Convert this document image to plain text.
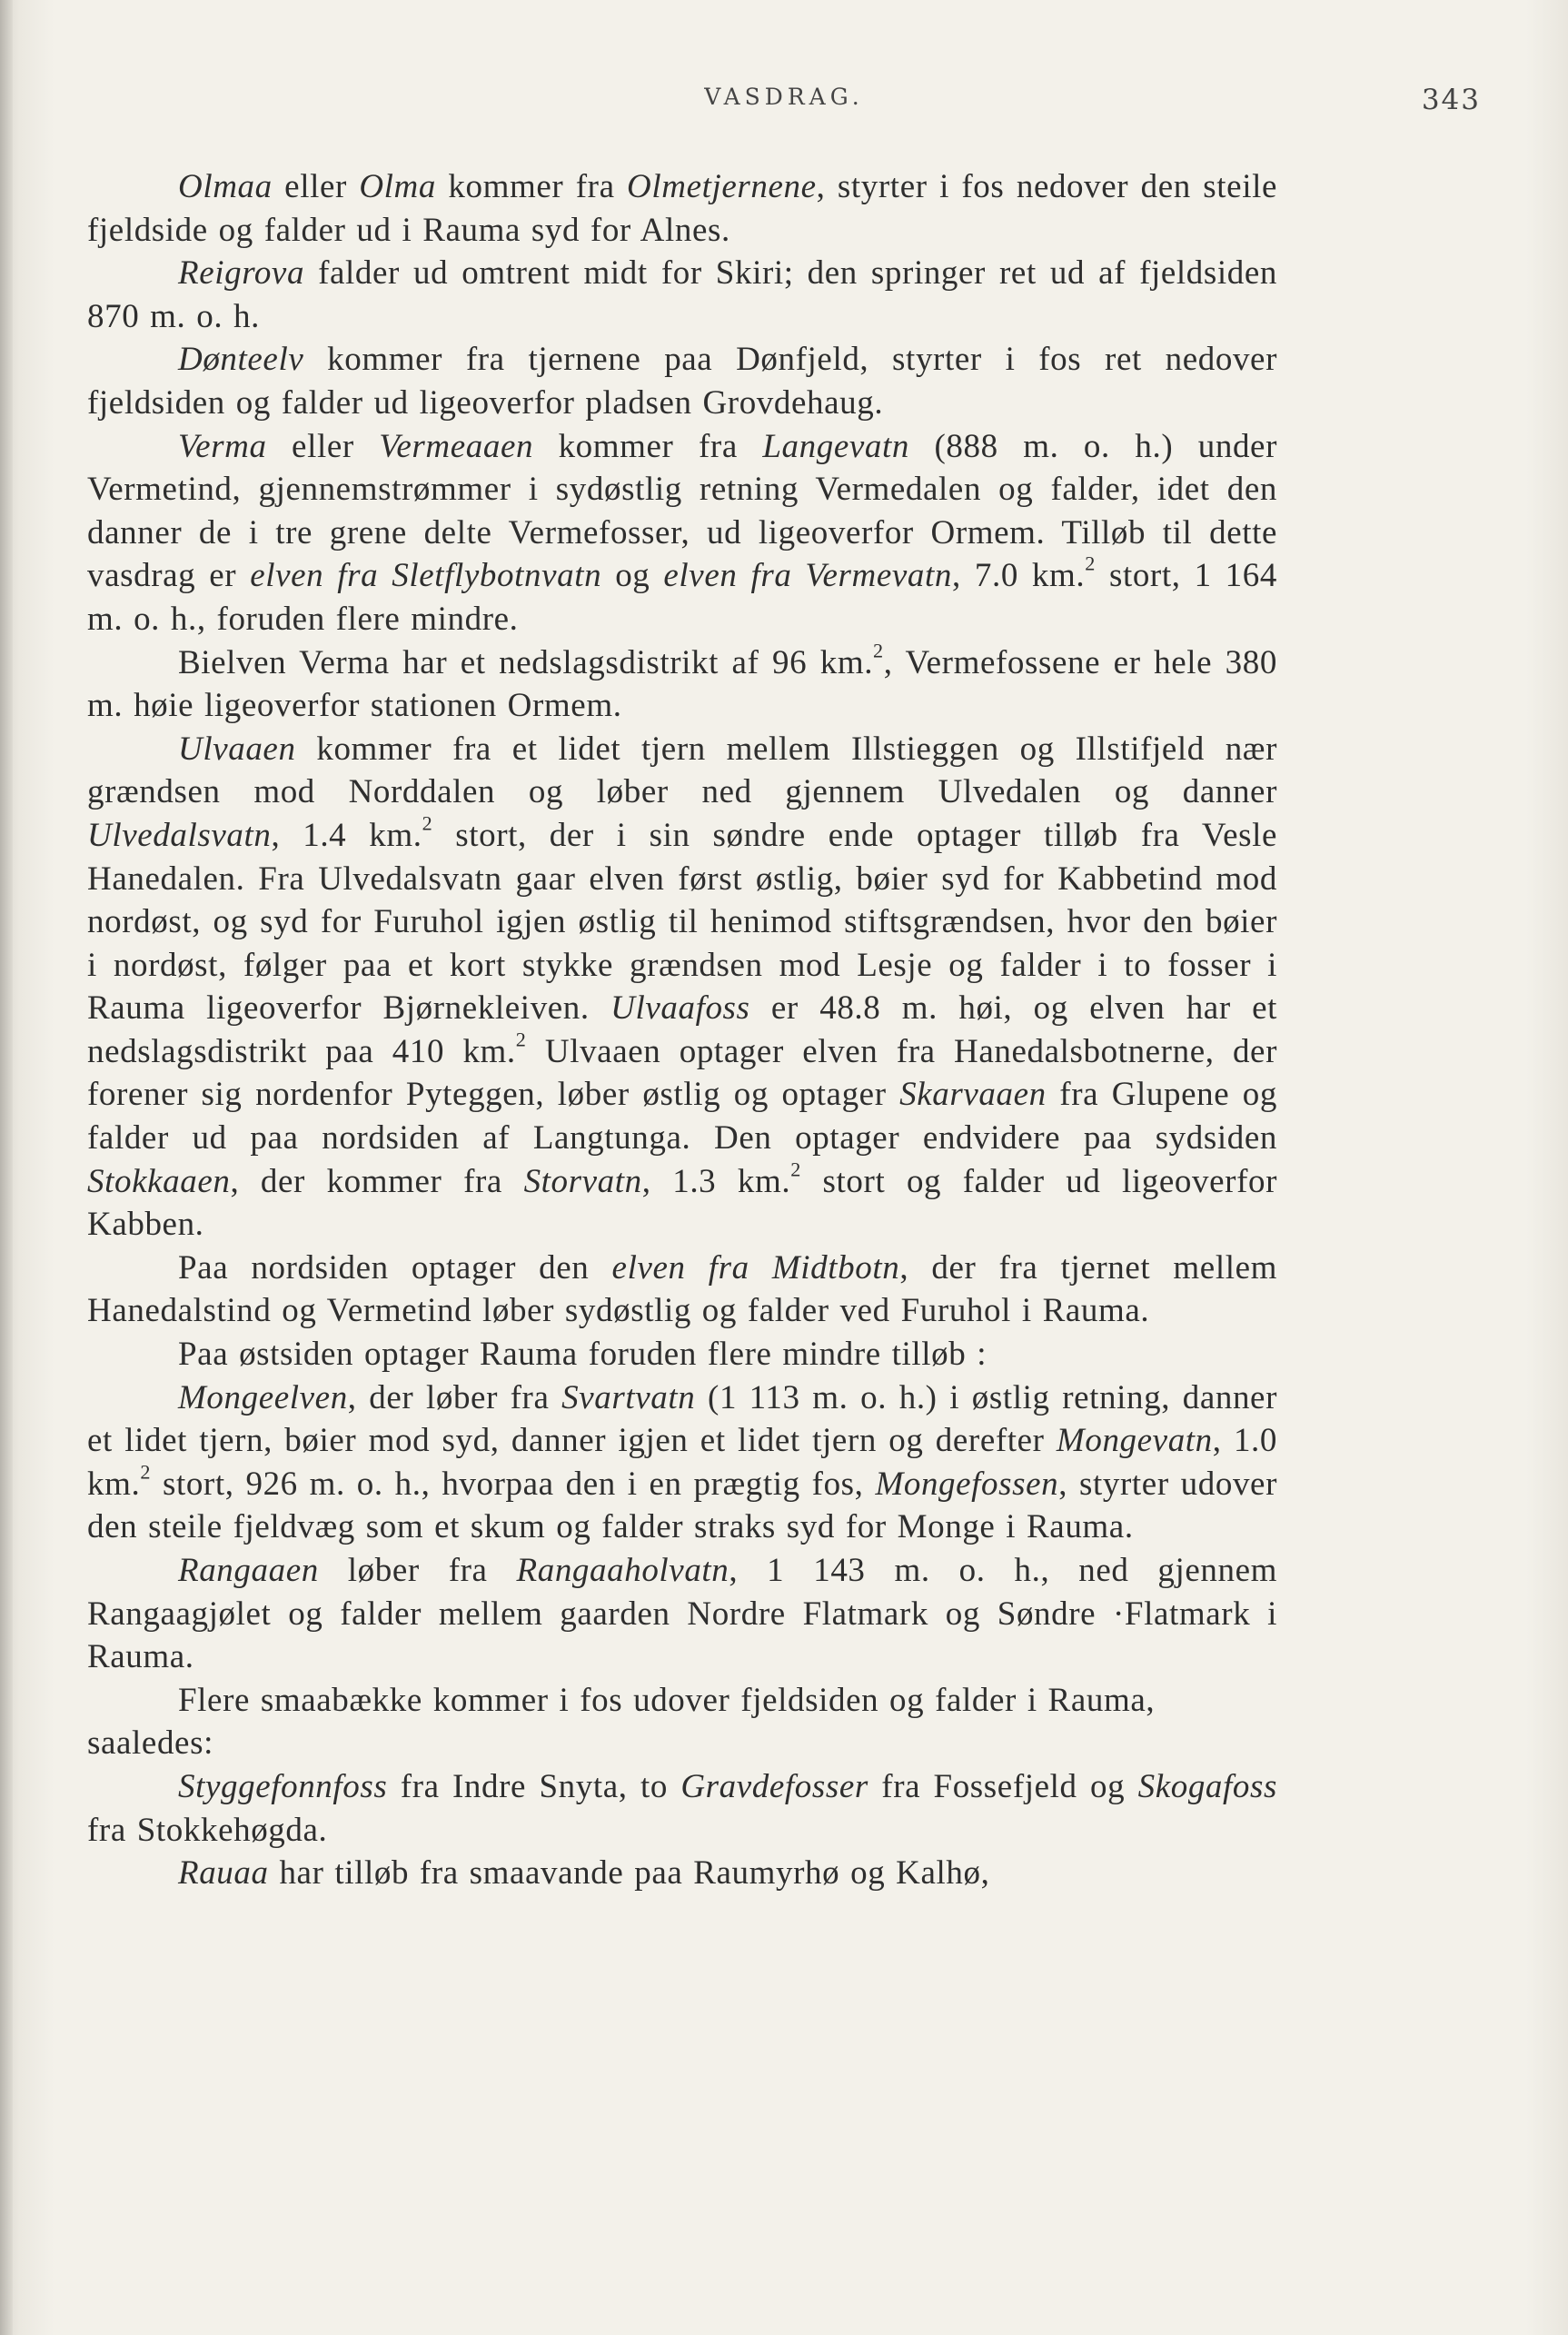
VASDRAG.	343

Olmaa eller Olma kommer fra Olmetjernene, styrter i fos nedover den steile fjeldside og falder ud i Rauma syd for Alnes.

Reigrova falder ud omtrent midt for Skiri; den springer ret ud af fjeldsiden 870 m. o. h.

Dønteelv kommer fra tjernene paa Dønfjeld, styrter i fos ret nedover fjeldsiden og falder ud ligeoverfor pladsen Grovdehaug.

Verma eller Vermeaaen kommer fra Langevatn (888 m. o. h.) under Vermetind, gjennemstrømmer i sydøstlig retning Vermedalen og falder, idet den danner de i tre grene delte Vermefosser, ud ligeoverfor Ormem. Tilløb til dette vasdrag er elven fra Sletflybotnvatn og elven fra Vermevatn, 7.0 km.$^2$ stort, 1 164 m. o. h., foruden flere mindre.

Bielven Verma har et nedslagsdistrikt af 96 km.$^2$, Vermefossene er hele 380 m. høie ligeoverfor stationen Ormem.

Ulvaaen kommer fra et lidet tjern mellem Illstieggen og Illstifjeld nær grændsen mod Norddalen og løber ned gjennem Ulvedalen og danner Ulvedalsvatn, 1.4 km.$^2$ stort, der i sin søndre ende optager tilløb fra Vesle Hanedalen. Fra Ulvedalsvatn gaar elven først østlig, bøier syd for Kabbetind mod nordøst, og syd for Furuhol igjen østlig til henimod stiftsgrændsen, hvor den bøier i nordøst, følger paa et kort stykke grændsen mod Lesje og falder i to fosser i Rauma ligeoverfor Bjørnekleiven. Ulvaafoss er 48.8 m. høi, og elven har et nedslagsdistrikt paa 410 km.$^2$ Ulvaaen optager elven fra Hanedalsbotnerne, der forener sig nordenfor Pyteggen, løber østlig og optager Skarvaaen fra Glupene og falder ud paa nordsiden af Langtunga. Den optager endvidere paa sydsiden Stokkaaen, der kommer fra Storvatn, 1.3 km.$^2$ stort og falder ud ligeoverfor Kabben.

Paa nordsiden optager den elven fra Midtbotn, der fra tjernet mellem Hanedalstind og Vermetind løber sydøstlig og falder ved Furuhol i Rauma.

Paa østsiden optager Rauma foruden flere mindre tilløb :

Mongeelven, der løber fra Svartvatn (1 113 m. o. h.) i østlig retning, danner et lidet tjern, bøier mod syd, danner igjen et lidet tjern og derefter Mongevatn, 1.0 km.$^2$ stort, 926 m. o. h., hvorpaa den i en prægtig fos, Mongefossen, styrter udover den steile fjeldvæg som et skum og falder straks syd for Monge i Rauma.

Rangaaen løber fra Rangaaholvatn, 1 143 m. o. h., ned gjennem Rangaagjølet og falder mellem gaarden Nordre Flatmark og Søndre ·Flatmark i Rauma.

Flere smaabække kommer i fos udover fjeldsiden og falder i Rauma, saaledes:

Styggefonnfoss fra Indre Snyta, to Gravdefosser fra Fossefjeld og Skogafoss fra Stokkehøgda.

Rauaa har tilløb fra smaavande paa Raumyrhø og Kalhø,
